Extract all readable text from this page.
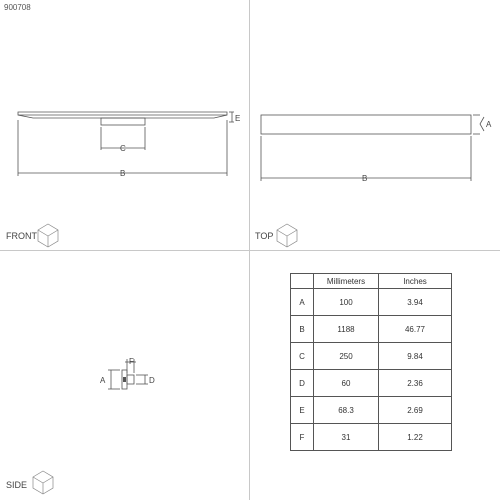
900708
E
C
B
FRONT
A
B
TOP
A	D
F
SIDE
	Millimeters	Inches
A	100	3.94
B	1188	46.77
C	250	9.84
D	60	2.36
E	68.3	2.69
F	31	1.22
